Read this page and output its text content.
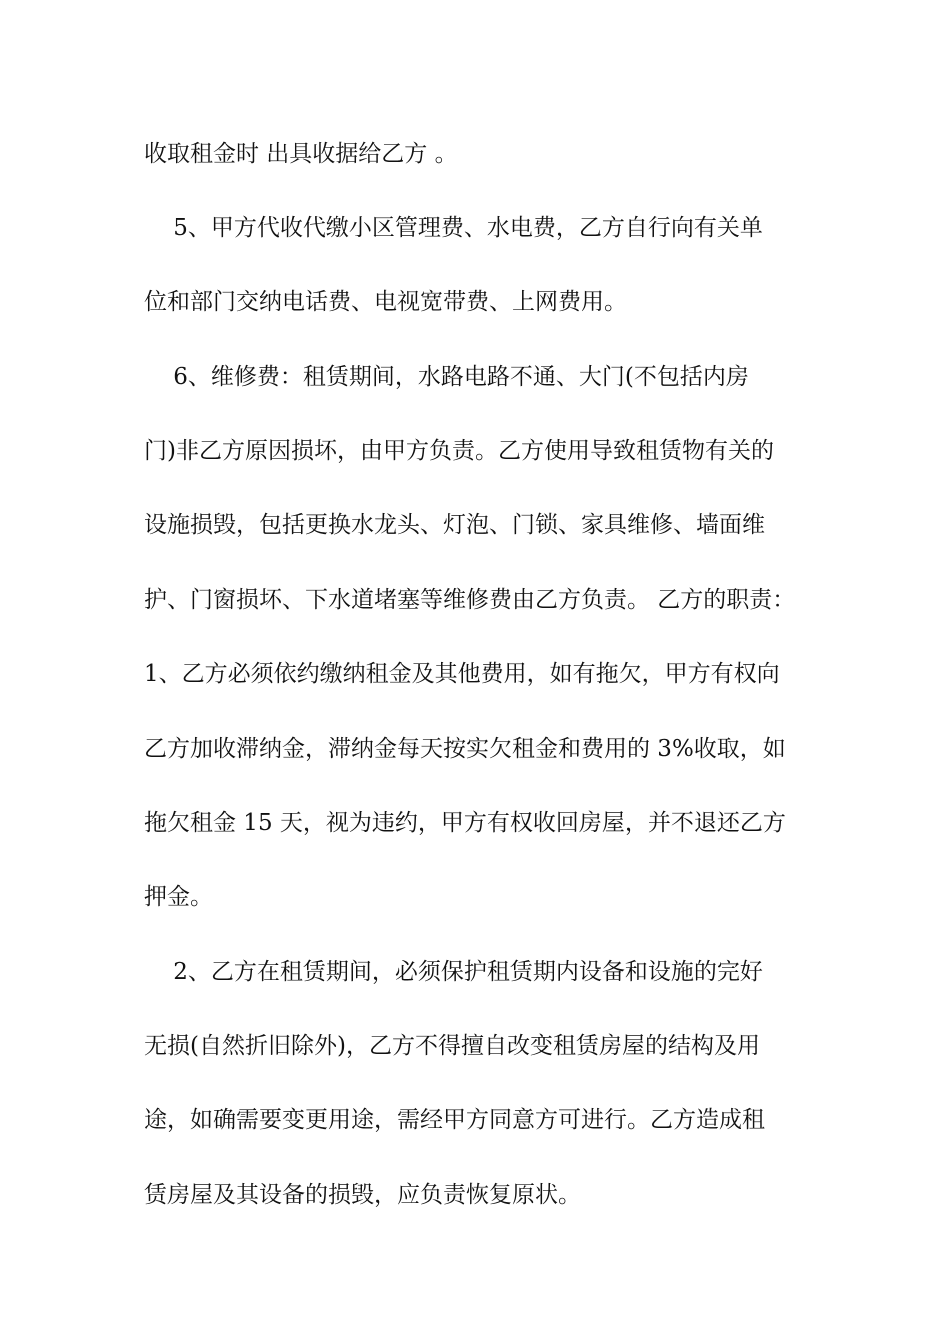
收取租金时 出具收据给乙方 。
5、甲方代收代缴小区管理费、水电费，乙方自行向有关单
位和部门交纳电话费、电视宽带费、上网费用。
6、维修费：租赁期间，水路电路不通、大门(不包括内房
门)非乙方原因损坏，由甲方负责。乙方使用导致租赁物有关的
设施损毁，包括更换水龙头、灯泡、门锁、家具维修、墙面维
护、门窗损坏、下水道堵塞等维修费由乙方负责。 乙方的职责：
1、乙方必须依约缴纳租金及其他费用，如有拖欠，甲方有权向
乙方加收滞纳金，滞纳金每天按实欠租金和费用的 3%收取，如
拖欠租金 15 天，视为违约，甲方有权收回房屋，并不退还乙方
押金。
2、乙方在租赁期间，必须保护租赁期内设备和设施的完好
无损(自然折旧除外)，乙方不得擅自改变租赁房屋的结构及用
途，如确需要变更用途，需经甲方同意方可进行。乙方造成租
赁房屋及其设备的损毁，应负责恢复原状。
